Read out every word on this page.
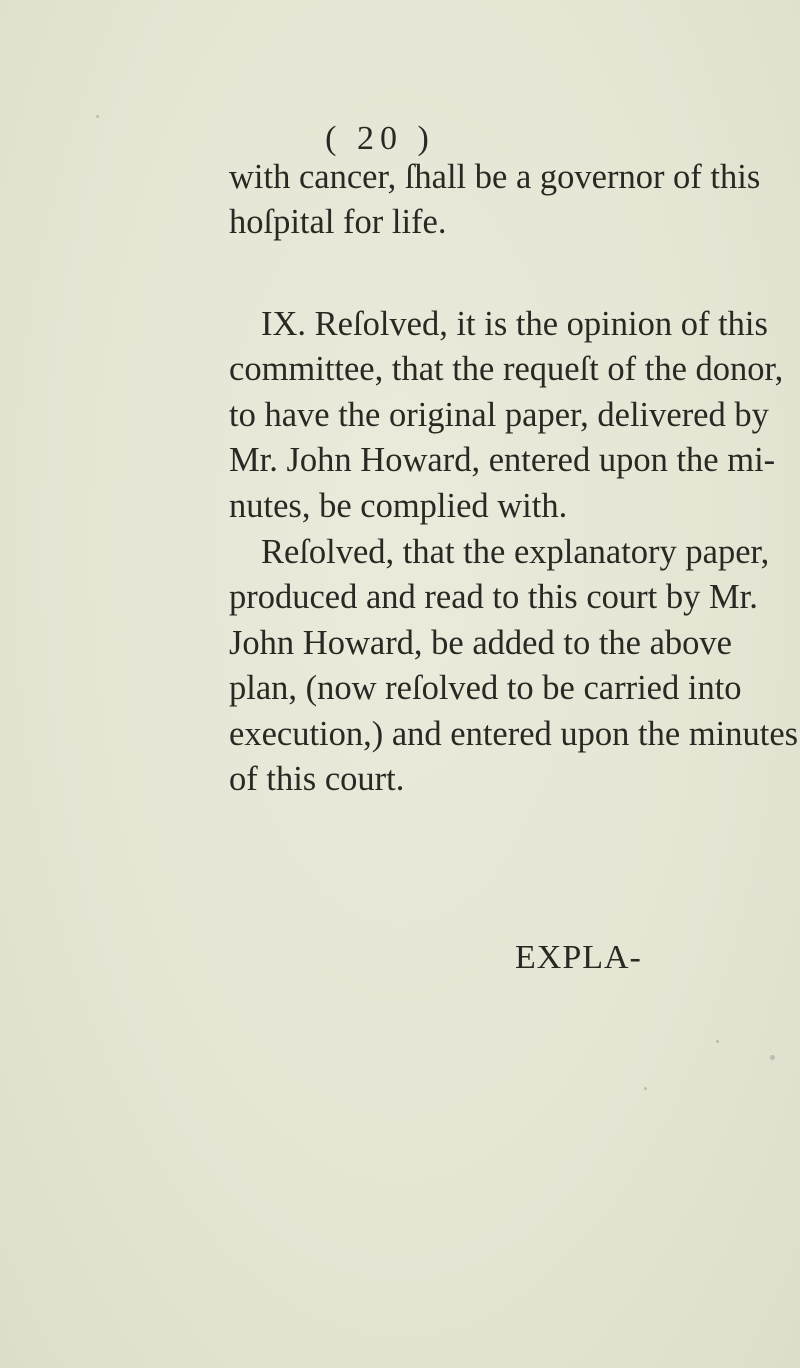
( 20 )
with cancer, ſhall be a governor of this
hoſpital for life.
IX. Reſolved, it is the opinion of this
committee, that the requeſt of the donor,
to have the original paper, delivered by
Mr. John Howard, entered upon the mi-
nutes, be complied with.
Reſolved, that the explanatory paper,
produced and read to this court by Mr.
John Howard, be added to the above
plan, (now reſolved to be carried into
execution,) and entered upon the minutes
of this court.
EXPLA-
